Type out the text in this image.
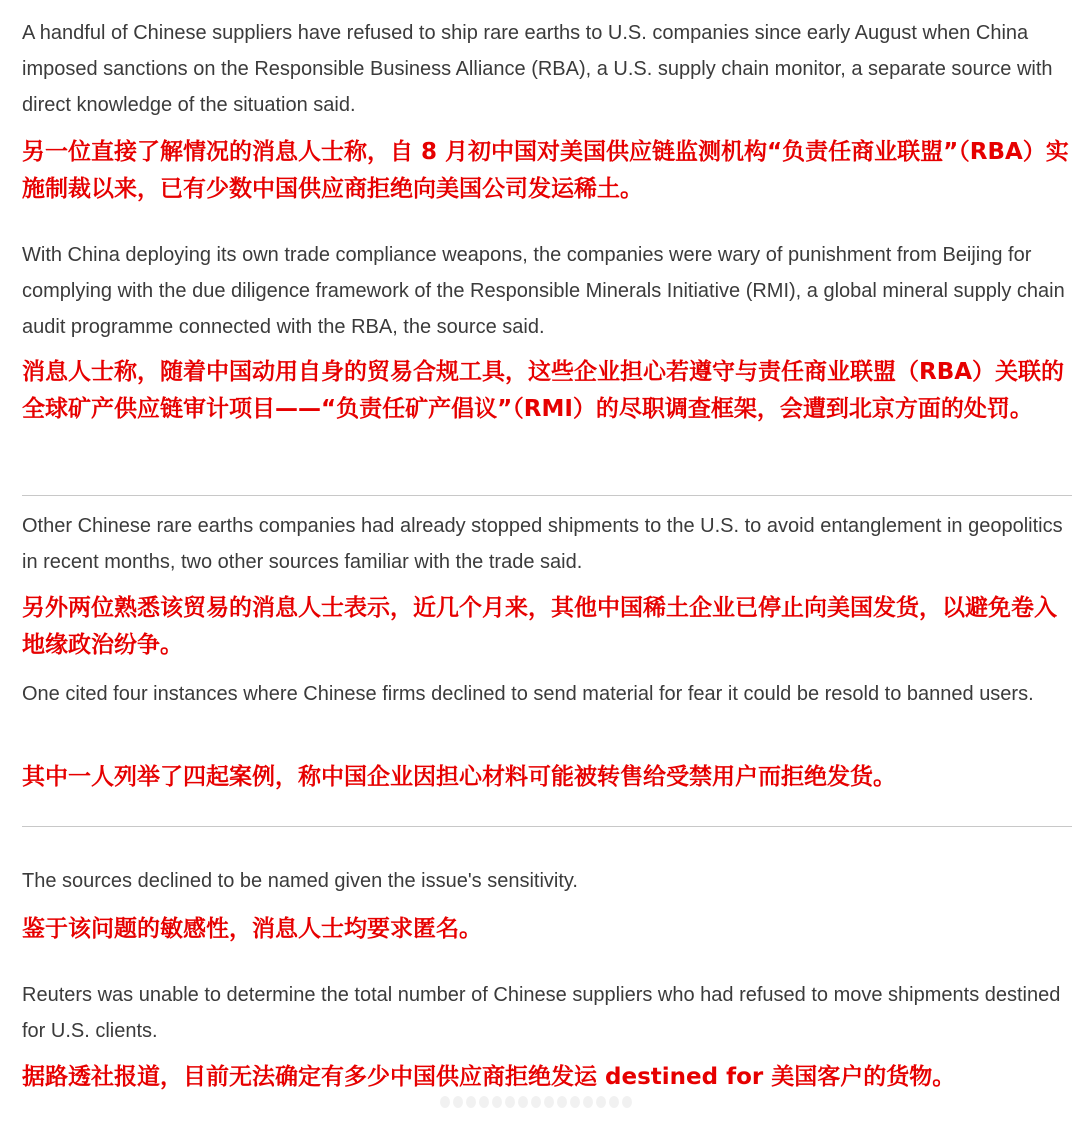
A handful of Chinese suppliers have refused to ship rare earths to U.S. companies since early August when China imposed sanctions on the Responsible Business Alliance (RBA), a U.S. supply chain monitor, a separate source with direct knowledge of the situation said.

另一位直接了解情况的消息人士称，自 8 月初中国对美国供应链监测机构“负责任商业联盟”（RBA）实施制裁以来，已有少数中国供应商拒绝向美国公司发运稀土。

With China deploying its own trade compliance weapons, the companies were wary of punishment from Beijing for complying with the due diligence framework of the Responsible Minerals Initiative (RMI), a global mineral supply chain audit programme connected with the RBA, the source said.

消息人士称，随着中国动用自身的贸易合规工具，这些企业担心若遵守与责任商业联盟（RBA）关联的全球矿产供应链审计项目——“负责任矿产倡议”（RMI）的尽职调查框架，会遭到北京方面的处罚。

Other Chinese rare earths companies had already stopped shipments to the U.S. to avoid entanglement in geopolitics in recent months, two other sources familiar with the trade said.

另外两位熟悉该贸易的消息人士表示，近几个月来，其他中国稀土企业已停止向美国发货，以避免卷入地缘政治纷争。

One cited four instances where Chinese firms declined to send material for fear it could be resold to banned users.

其中一人列举了四起案例，称中国企业因担心材料可能被转售给受禁用户而拒绝发货。

The sources declined to be named given the issue's sensitivity.

鉴于该问题的敏感性，消息人士均要求匿名。

Reuters was unable to determine the total number of Chinese suppliers who had refused to move shipments destined for U.S. clients.

据路透社报道，目前无法确定有多少中国供应商拒绝发运 destined for 美国客户的货物。
